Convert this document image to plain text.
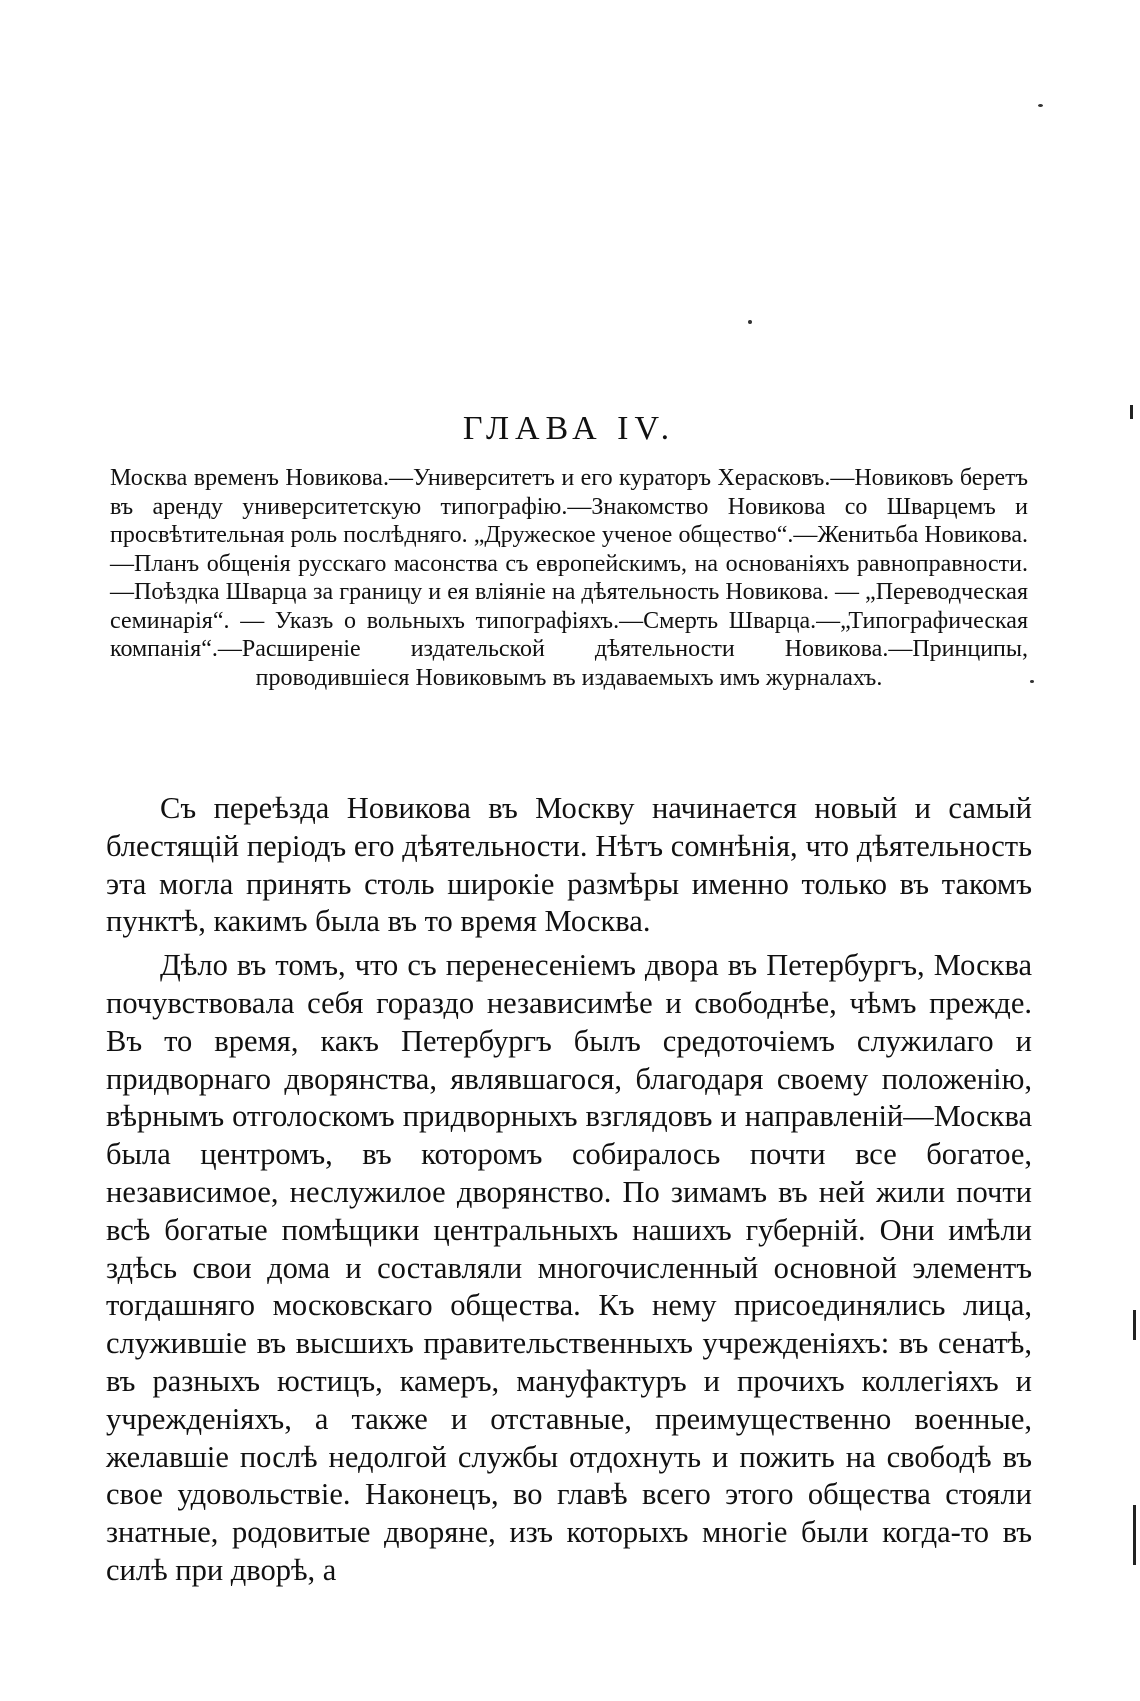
ГЛАВА IV.

Москва временъ Новикова.—Университетъ и его кураторъ Херасковъ.—Новиковъ беретъ въ аренду университетскую типографiю.—Знакомство Новикова со Шварцемъ и просвѣтительная роль послѣдняго. „Дружеское ученое общество“.—Женитьба Новикова.—Планъ общенiя русскаго масонства съ европейскимъ, на основанiяхъ равноправности.—Поѣздка Шварца за границу и ея влiянiе на дѣятельность Новикова. — „Переводческая семинарiя“. — Указъ о вольныхъ типографiяхъ.—Смерть Шварца.—„Типографическая компанiя“.—Расширенiе издательской дѣятельности Новикова.—Принципы, проводившiеся Новиковымъ въ издаваемыхъ имъ журналахъ.

Съ переѣзда Новикова въ Москву начинается новый и самый блестящiй перiодъ его дѣятельности. Нѣтъ сомнѣнiя, что дѣятельность эта могла принять столь широкiе размѣры именно только въ такомъ пунктѣ, какимъ была въ то время Москва.

Дѣло въ томъ, что съ перенесенiемъ двора въ Петербургъ, Москва почувствовала себя гораздо независимѣе и свободнѣе, чѣмъ прежде. Въ то время, какъ Петербургъ былъ средоточiемъ служилаго и придворнаго дворянства, являвшагося, благодаря своему положенiю, вѣрнымъ отголоскомъ придворныхъ взглядовъ и направленiй—Москва была центромъ, въ которомъ собиралось почти все богатое, независимое, неслужилое дворянство. По зимамъ въ ней жили почти всѣ богатые помѣщики центральныхъ нашихъ губернiй. Они имѣли здѣсь свои дома и составляли многочисленный основной элементъ тогдашняго московскаго общества. Къ нему присоединялись лица, служившiе въ высшихъ правительственныхъ учрежденiяхъ: въ сенатѣ, въ разныхъ юстицъ, камеръ, мануфактуръ и прочихъ коллегiяхъ и учрежденiяхъ, а также и отставные, преимущественно военные, желавшiе послѣ недолгой службы отдохнуть и пожить на свободѣ въ свое удовольствiе. Наконецъ, во главѣ всего этого общества стояли знатные, родовитые дворяне, изъ которыхъ многiе были когда-то въ силѣ при дворѣ, а
